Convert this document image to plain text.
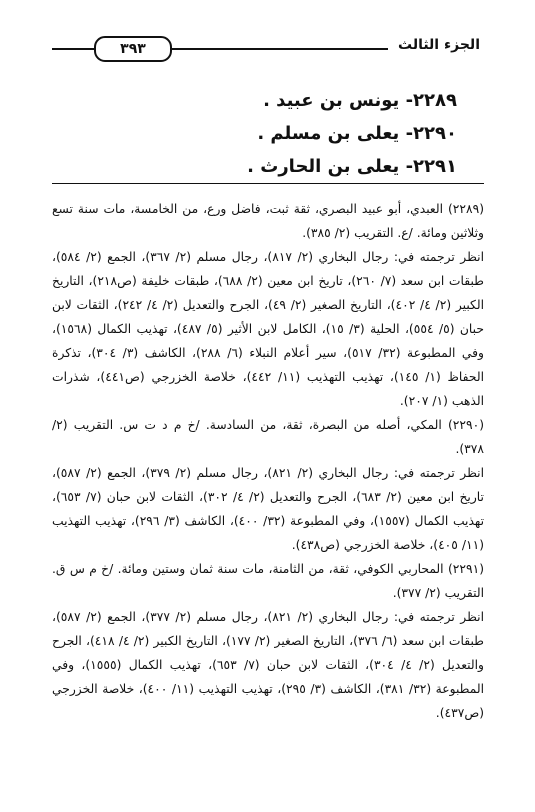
٣٩٣	الجزء الثالث
٢٢٨٩- يونس بن عبيد .
٢٢٩٠- يعلى بن مسلم .
٢٢٩١- يعلى بن الحارث .

(٢٢٨٩) العبدي، أبو عبيد البصري، ثقة ثبت، فاضل ورع، من الخامسة، مات سنة تسع وثلاثين ومائة. /ع. التقريب (٢/ ٣٨٥).

انظر ترجمته في: رجال البخاري (٢/ ٨١٧)، رجال مسلم (٢/ ٣٦٧)، الجمع (٢/ ٥٨٤)، طبقات ابن سعد (٧/ ٢٦٠)، تاريخ ابن معين (٢/ ٦٨٨)، طبقات خليفة (ص٢١٨)، التاريخ الكبير (٢/ ٤/ ٤٠٢)، التاريخ الصغير (٢/ ٤٩)، الجرح والتعديل (٢/ ٤/ ٢٤٢)، الثقات لابن حبان (٥/ ٥٥٤)، الحلية (٣/ ١٥)، الكامل لابن الأثير (٥/ ٤٨٧)، تهذيب الكمال (١٥٦٨)، وفي المطبوعة (٣٢/ ٥١٧)، سير أعلام النبلاء (٦/ ٢٨٨)، الكاشف (٣/ ٣٠٤)، تذكرة الحفاظ (١/ ١٤٥)، تهذيب التهذيب (١١/ ٤٤٢)، خلاصة الخزرجي (ص٤٤١)، شذرات الذهب (١/ ٢٠٧).

(٢٢٩٠) المكي، أصله من البصرة، ثقة، من السادسة. /خ م د ت س. التقريب (٢/ ٣٧٨).

انظر ترجمته في: رجال البخاري (٢/ ٨٢١)، رجال مسلم (٢/ ٣٧٩)، الجمع (٢/ ٥٨٧)، تاريخ ابن معين (٢/ ٦٨٣)، الجرح والتعديل (٢/ ٤/ ٣٠٢)، الثقات لابن حبان (٧/ ٦٥٣)، تهذيب الكمال (١٥٥٧)، وفي المطبوعة (٣٢/ ٤٠٠)، الكاشف (٣/ ٢٩٦)، تهذيب التهذيب (١١/ ٤٠٥)، خلاصة الخزرجي (ص٤٣٨).

(٢٢٩١) المحاربي الكوفي، ثقة، من الثامنة، مات سنة ثمان وستين ومائة. /خ م س ق. التقريب (٢/ ٣٧٧).

انظر ترجمته في: رجال البخاري (٢/ ٨٢١)، رجال مسلم (٢/ ٣٧٧)، الجمع (٢/ ٥٨٧)، طبقات ابن سعد (٦/ ٣٧٦)، التاريخ الصغير (٢/ ١٧٧)، التاريخ الكبير (٢/ ٤/ ٤١٨)، الجرح والتعديل (٢/ ٤/ ٣٠٤)، الثقات لابن حبان (٧/ ٦٥٣)، تهذيب الكمال (١٥٥٥)، وفي المطبوعة (٣٢/ ٣٨١)، الكاشف (٣/ ٢٩٥)، تهذيب التهذيب (١١/ ٤٠٠)، خلاصة الخزرجي (ص٤٣٧).
